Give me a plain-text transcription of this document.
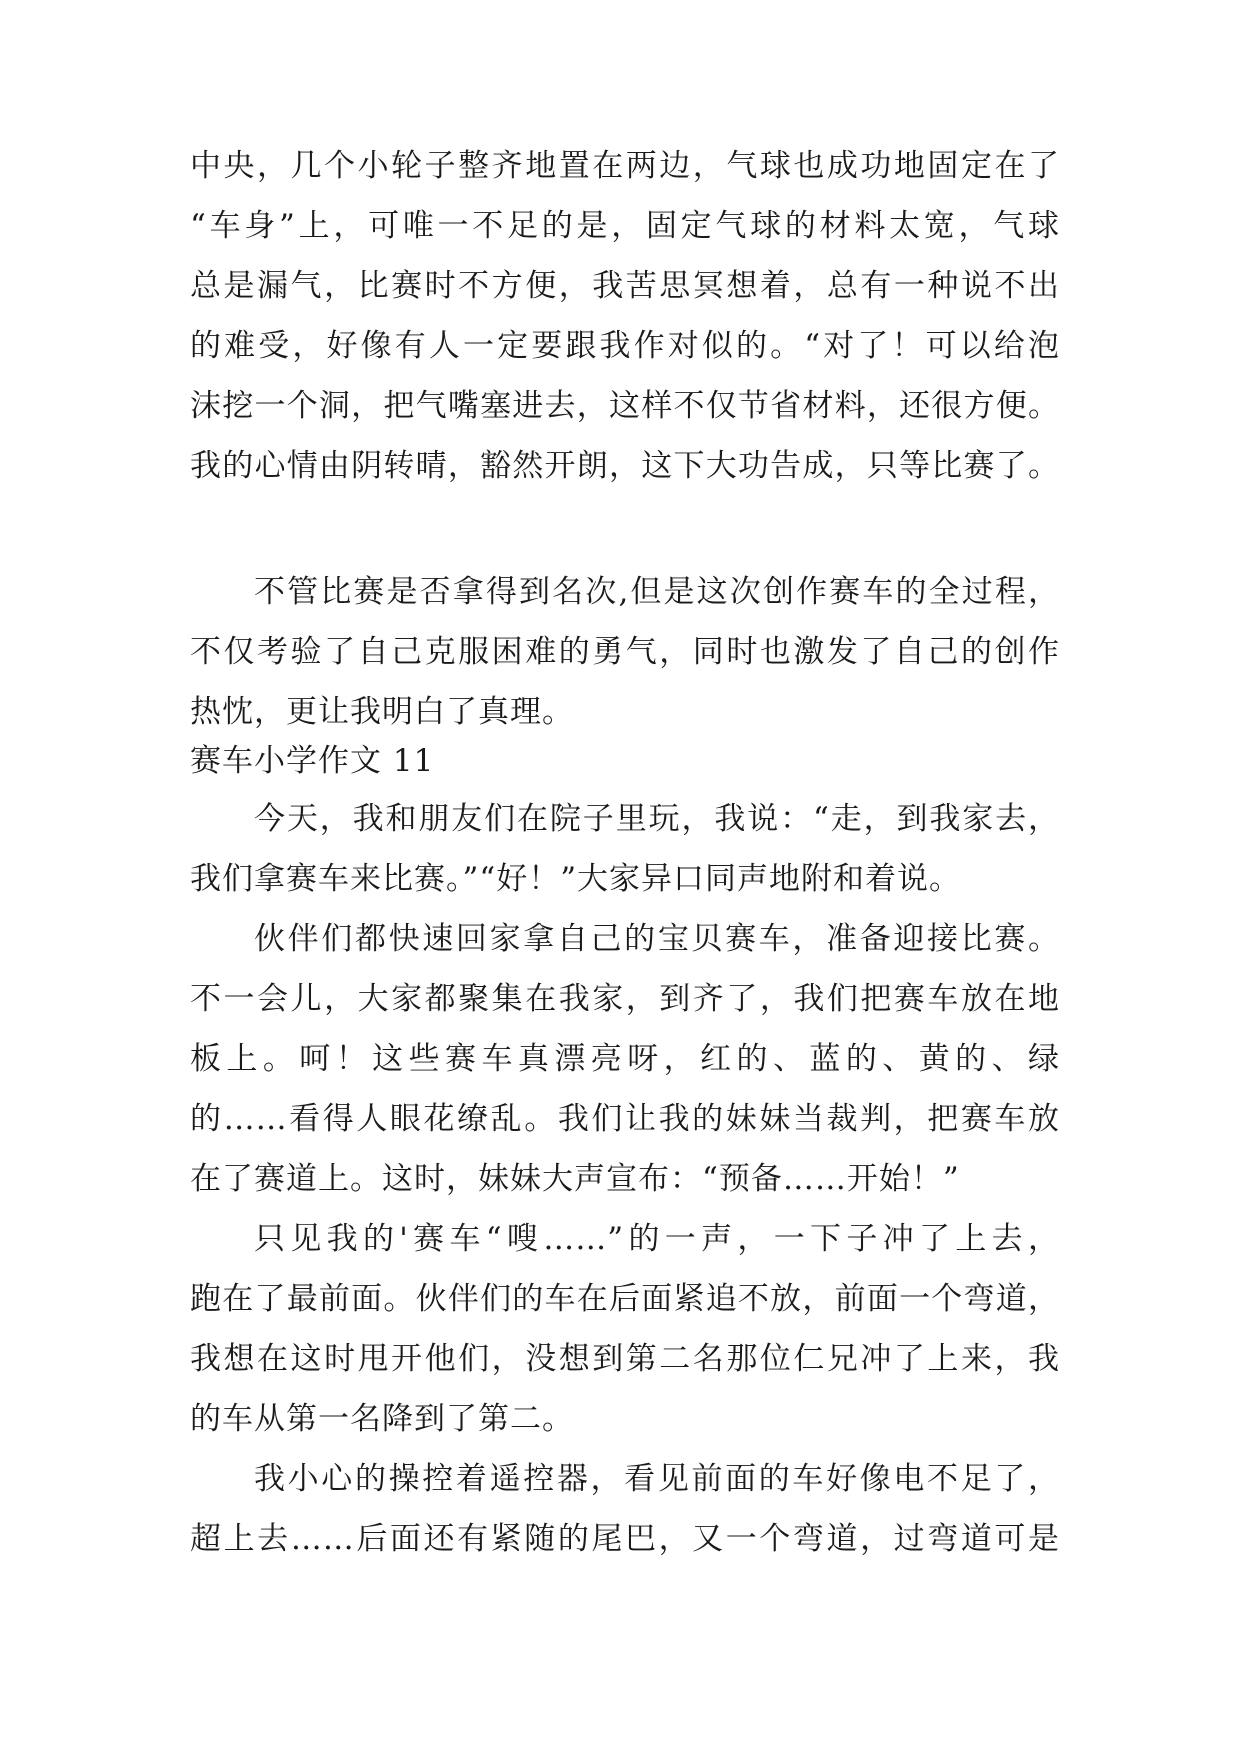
中央，几个小轮子整齐地置在两边，气球也成功地固定在了
“车身”上，可唯一不足的是，固定气球的材料太宽，气球
总是漏气，比赛时不方便，我苦思冥想着，总有一种说不出
的难受，好像有人一定要跟我作对似的。“对了！可以给泡
沫挖一个洞，把气嘴塞进去，这样不仅节省材料，还很方便。
我的心情由阴转晴，豁然开朗，这下大功告成，只等比赛了。
不管比赛是否拿得到名次,但是这次创作赛车的全过程，
不仅考验了自己克服困难的勇气，同时也激发了自己的创作
热忱，更让我明白了真理。
赛车小学作文 11
今天，我和朋友们在院子里玩，我说：“走，到我家去，
我们拿赛车来比赛。”“好！”大家异口同声地附和着说。
伙伴们都快速回家拿自己的宝贝赛车，准备迎接比赛。
不一会儿，大家都聚集在我家，到齐了，我们把赛车放在地
板上。呵！这些赛车真漂亮呀，红的、蓝的、黄的、绿
的……看得人眼花缭乱。我们让我的妹妹当裁判，把赛车放
在了赛道上。这时，妹妹大声宣布：“预备……开始！”
只见我的'赛车“嗖……”的一声，一下子冲了上去，
跑在了最前面。伙伴们的车在后面紧追不放，前面一个弯道，
我想在这时甩开他们，没想到第二名那位仁兄冲了上来，我
的车从第一名降到了第二。
我小心的操控着遥控器，看见前面的车好像电不足了，
超上去……后面还有紧随的尾巴，又一个弯道，过弯道可是
